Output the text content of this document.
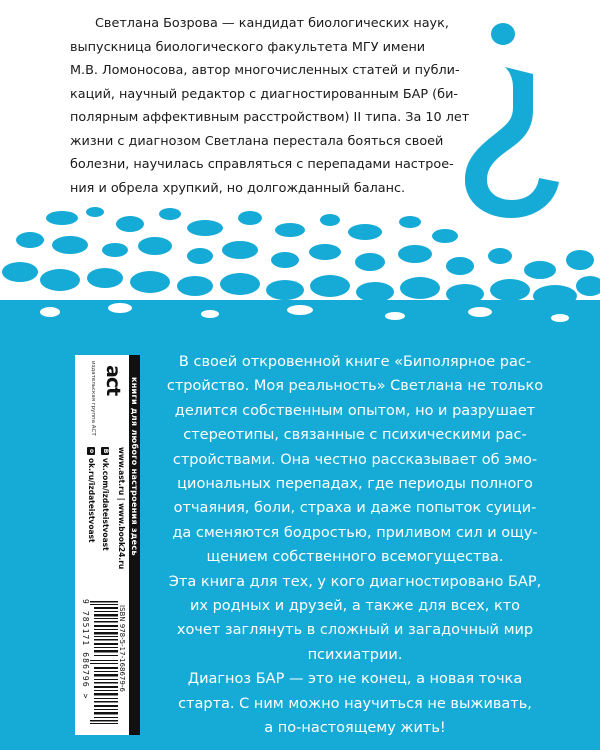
Светлана Бозрова — кандидат биологических наук,
выпускница биологического факультета МГУ имени
М.В. Ломоносова, автор многочисленных статей и публи-
каций, научный редактор с диагностированным БАР (би-
полярным аффективным расстройством) II типа. За 10 лет
жизни с диагнозом Светлана перестала бояться своей
болезни, научилась справляться с перепадами настрое-
ния и обрела хрупкий, но долгожданный баланс.
книги для любого настроения здесь
act
издательская группа АСТ
www.ast.ru | www.book24.ru
Bvk.com/izdateistvoast
ook.ru/izdateistvoast
ISBN 978-5-17-168679-6
9 785171 686796 >
В своей откровенной книге «Биполярное рас-
стройство. Моя реальность» Светлана не только
делится собственным опытом, но и разрушает
стереотипы, связанные с психическими рас-
стройствами. Она честно рассказывает об эмо-
циональных перепадах, где периоды полного
отчаяния, боли, страха и даже попыток суици-
да сменяются бодростью, приливом сил и ощу-
щением собственного всемогущества.
Эта книга для тех, у кого диагностировано БАР,
их родных и друзей, а также для всех, кто
хочет заглянуть в сложный и загадочный мир
психиатрии.
Диагноз БАР — это не конец, а новая точка
старта. С ним можно научиться не выживать,
а по-настоящему жить!
